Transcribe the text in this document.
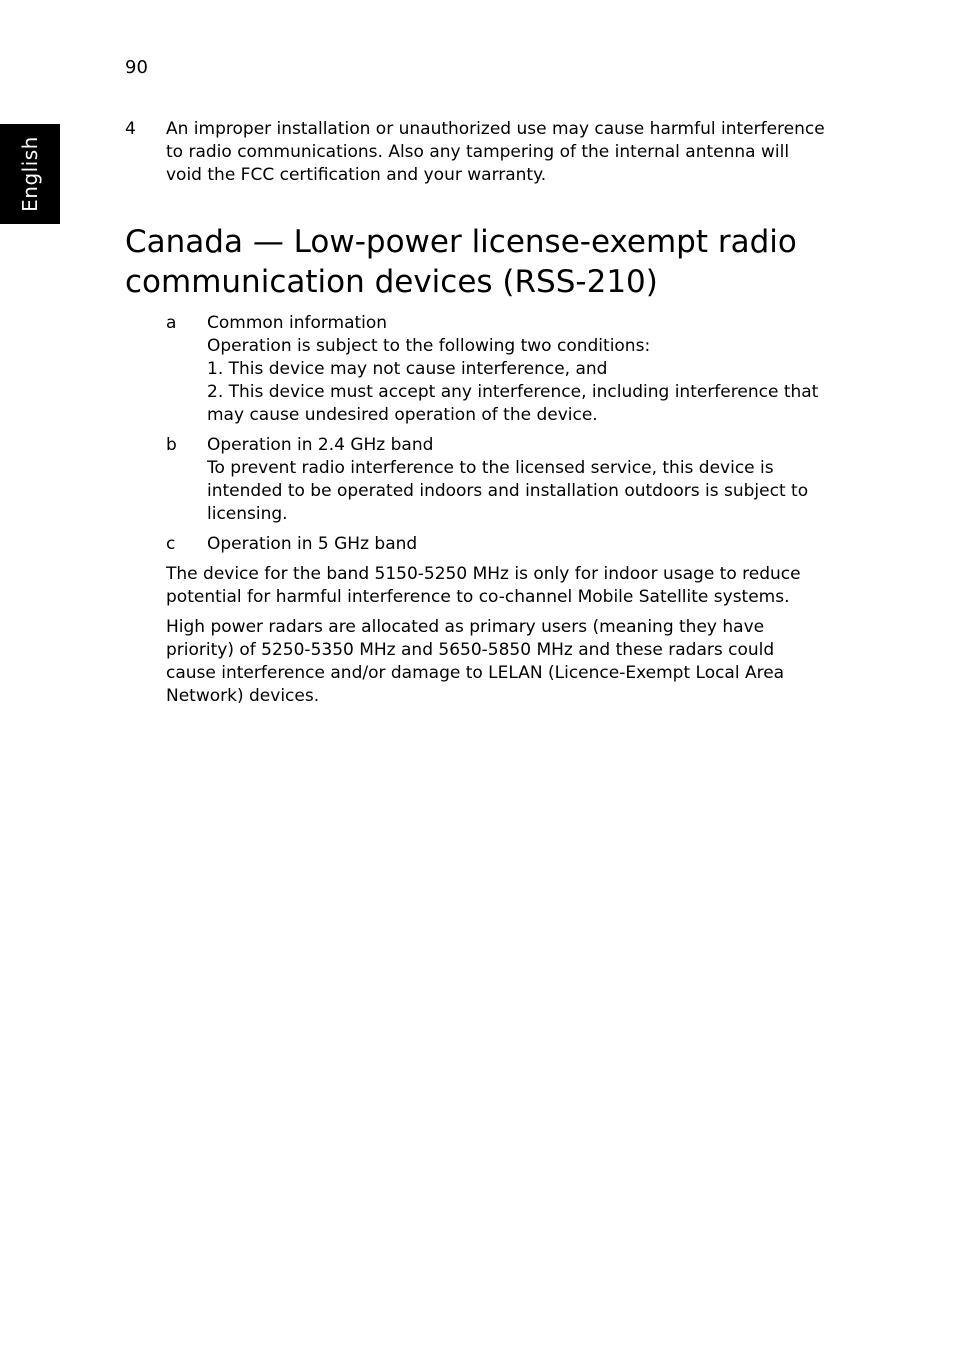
English
90
4 An improper installation or unauthorized use may cause harmful interference to radio communications. Also any tampering of the internal antenna will void the FCC certification and your warranty.
Canada — Low-power license-exempt radio communication devices (RSS-210)
a Common information
Operation is subject to the following two conditions:
1. This device may not cause interference, and
2. This device must accept any interference, including interference that may cause undesired operation of the device.
b Operation in 2.4 GHz band
To prevent radio interference to the licensed service, this device is intended to be operated indoors and installation outdoors is subject to licensing.
c Operation in 5 GHz band

The device for the band 5150-5250 MHz is only for indoor usage to reduce potential for harmful interference to co-channel Mobile Satellite systems.

High power radars are allocated as primary users (meaning they have priority) of 5250-5350 MHz and 5650-5850 MHz and these radars could cause interference and/or damage to LELAN (Licence-Exempt Local Area Network) devices.
